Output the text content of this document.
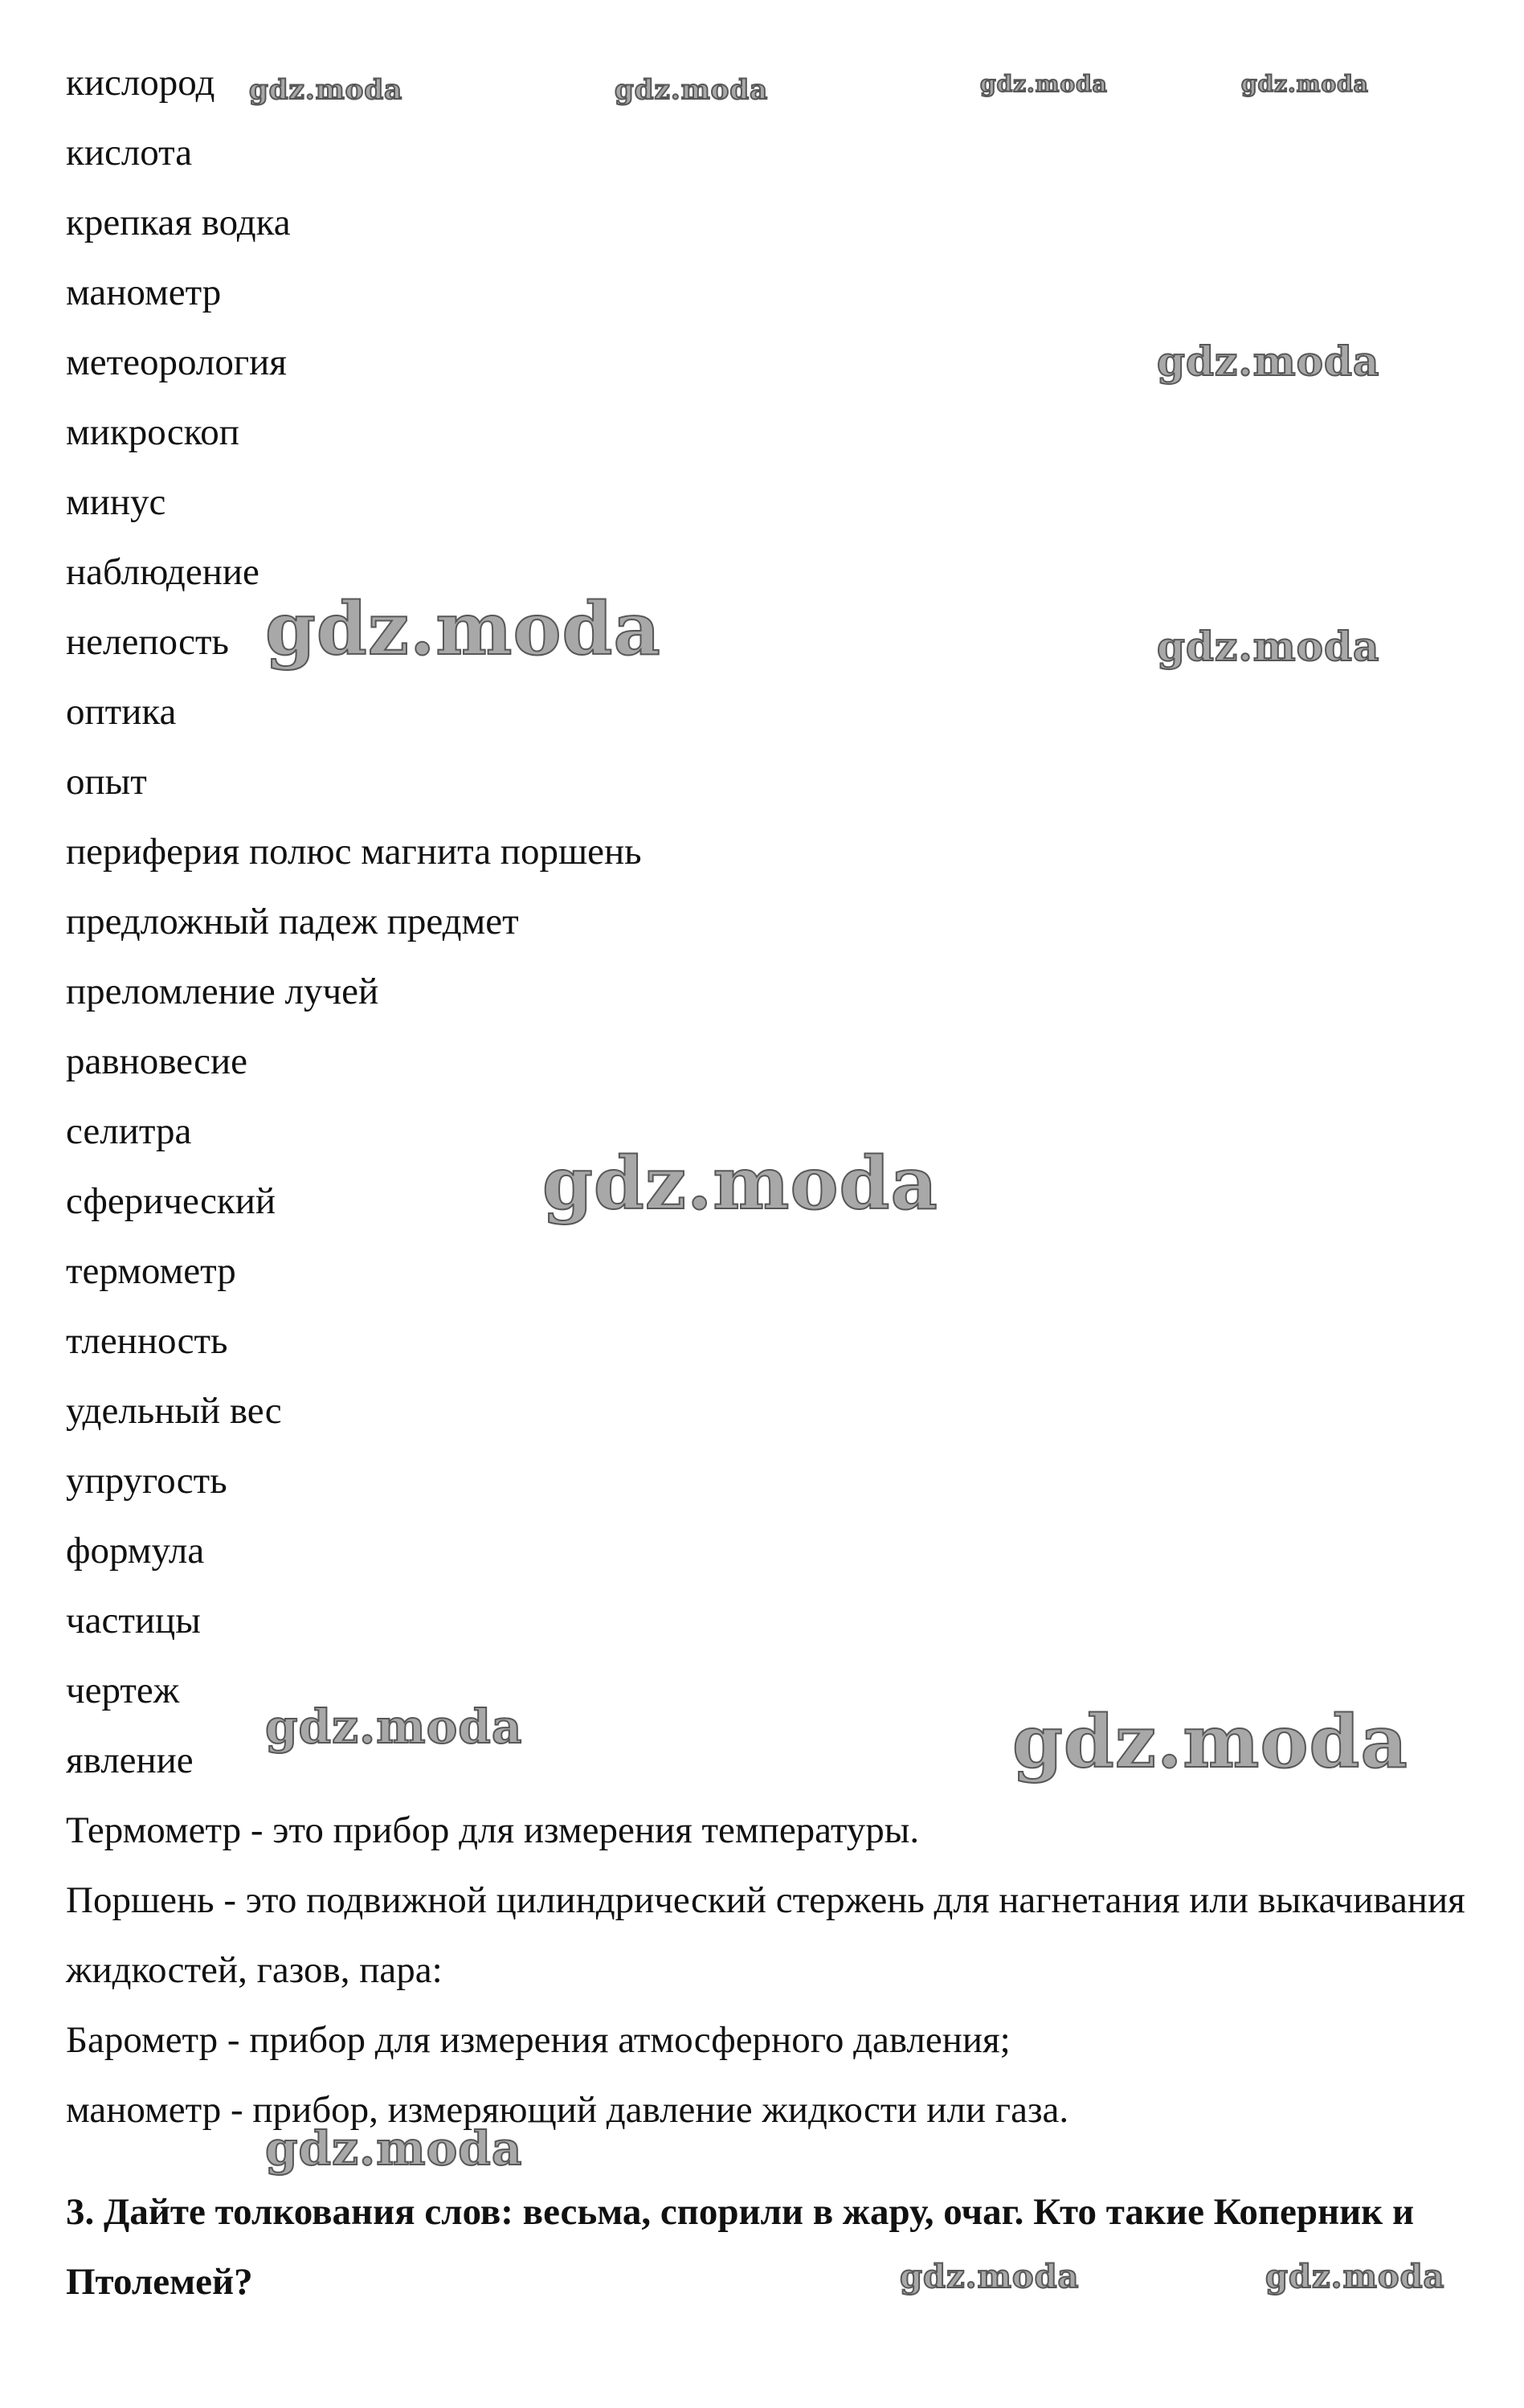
кислород
кислота
крепкая водка
манометр
метеорология
микроскоп
минус
наблюдение
нелепость
оптика
опыт
периферия полюс магнита поршень
предложный падеж предмет
преломление лучей
равновесие
селитра
сферический
термометр
тленность
удельный вес
упругость
формула
частицы
чертеж
явление

Термометр - это прибор для измерения температуры.

Поршень - это подвижной цилиндрический стержень для нагнетания или выкачивания жидкостей, газов, пара:

Барометр - прибор для измерения атмосферного давления;

манометр - прибор, измеряющий давление жидкости или газа.

3. Дайте толкования слов: весьма, спорили в жару, очаг. Кто такие Коперник и Птолемей?

gdz.moda	gdz.moda	gdz.moda	gdz.moda
gdz.moda
gdz.moda	gdz.moda
gdz.moda
gdz.moda	gdz.moda
gdz.moda
gdz.moda	gdz.moda
